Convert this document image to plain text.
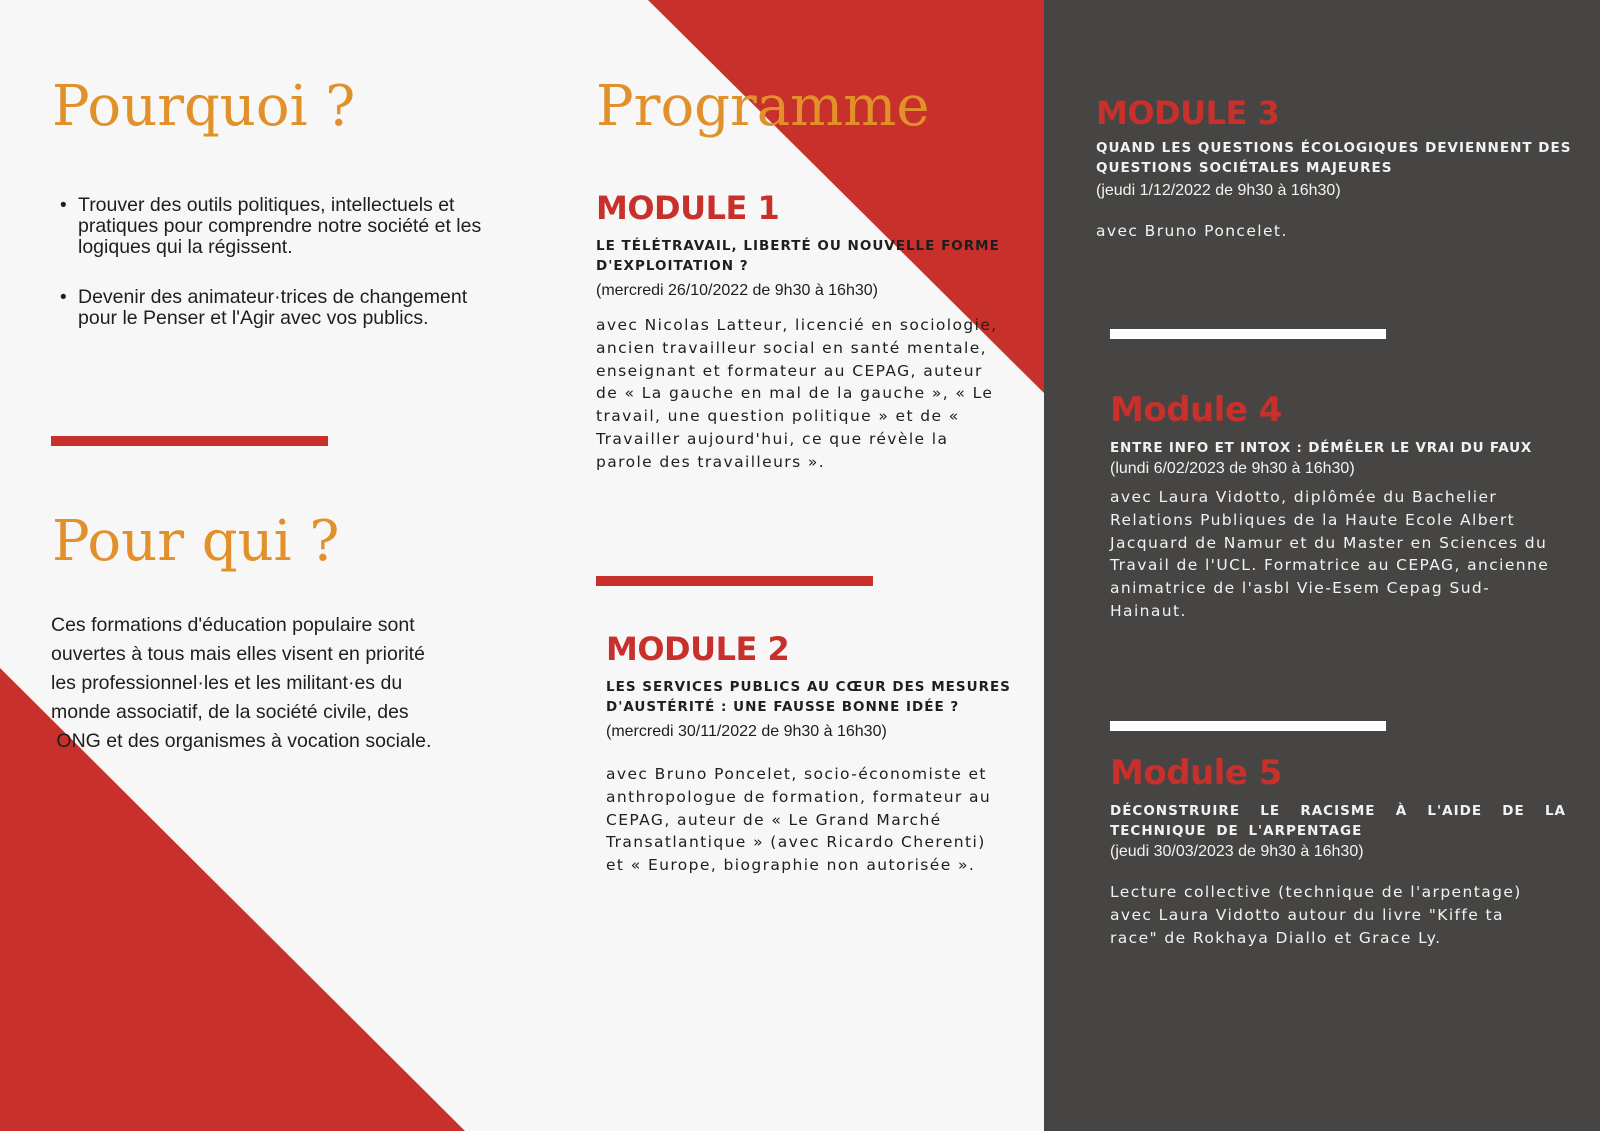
Pourquoi ?
• Trouver des outils politiques, intellectuels et pratiques pour comprendre notre société et les logiques qui la régissent.
• Devenir des animateur·trices de changement pour le Penser et l'Agir avec vos publics.
Pour qui ?

Ces formations d'éducation populaire sont

ouvertes à tous mais elles visent en priorité

les professionnel·les et les militant·es du

monde associatif, de la société civile, des

ONG et des organismes à vocation sociale.

Programme
MODULE 1

LE TÉLÉTRAVAIL, LIBERTÉ OU NOUVELLE FORME D'EXPLOITATION ?

(mercredi 26/10/2022 de 9h30 à 16h30)

avec Nicolas Latteur, licencié en sociologie, ancien travailleur social en santé mentale, enseignant et formateur au CEPAG, auteur de « La gauche en mal de la gauche », « Le travail, une question politique » et de « Travailler aujourd'hui, ce que révèle la parole des travailleurs ».

MODULE 2

LES SERVICES PUBLICS AU CŒUR DES MESURES D'AUSTÉRITÉ : UNE FAUSSE BONNE IDÉE ?

(mercredi 30/11/2022 de 9h30 à 16h30)

avec Bruno Poncelet, socio-économiste et anthropologue de formation, formateur au CEPAG, auteur de « Le Grand Marché Transatlantique » (avec Ricardo Cherenti) et « Europe, biographie non autorisée ».

MODULE 3

QUAND LES QUESTIONS ÉCOLOGIQUES DEVIENNENT DES QUESTIONS SOCIÉTALES MAJEURES

(jeudi 1/12/2022 de 9h30 à 16h30)

avec Bruno Poncelet.

Module 4

ENTRE INFO ET INTOX : DÉMÊLER LE VRAI DU FAUX

(lundi 6/02/2023 de 9h30 à 16h30)

avec Laura Vidotto, diplômée du Bachelier Relations Publiques de la Haute Ecole Albert Jacquard de Namur et du Master en Sciences du Travail de l'UCL. Formatrice au CEPAG, ancienne animatrice de l'asbl Vie-Esem Cepag Sud-Hainaut.

Module 5

DÉCONSTRUIRE LE RACISME À L'AIDE DE LA TECHNIQUE DE L'ARPENTAGE

(jeudi 30/03/2023 de 9h30 à 16h30)

Lecture collective (technique de l'arpentage) avec Laura Vidotto autour du livre "Kiffe ta race" de Rokhaya Diallo et Grace Ly.
